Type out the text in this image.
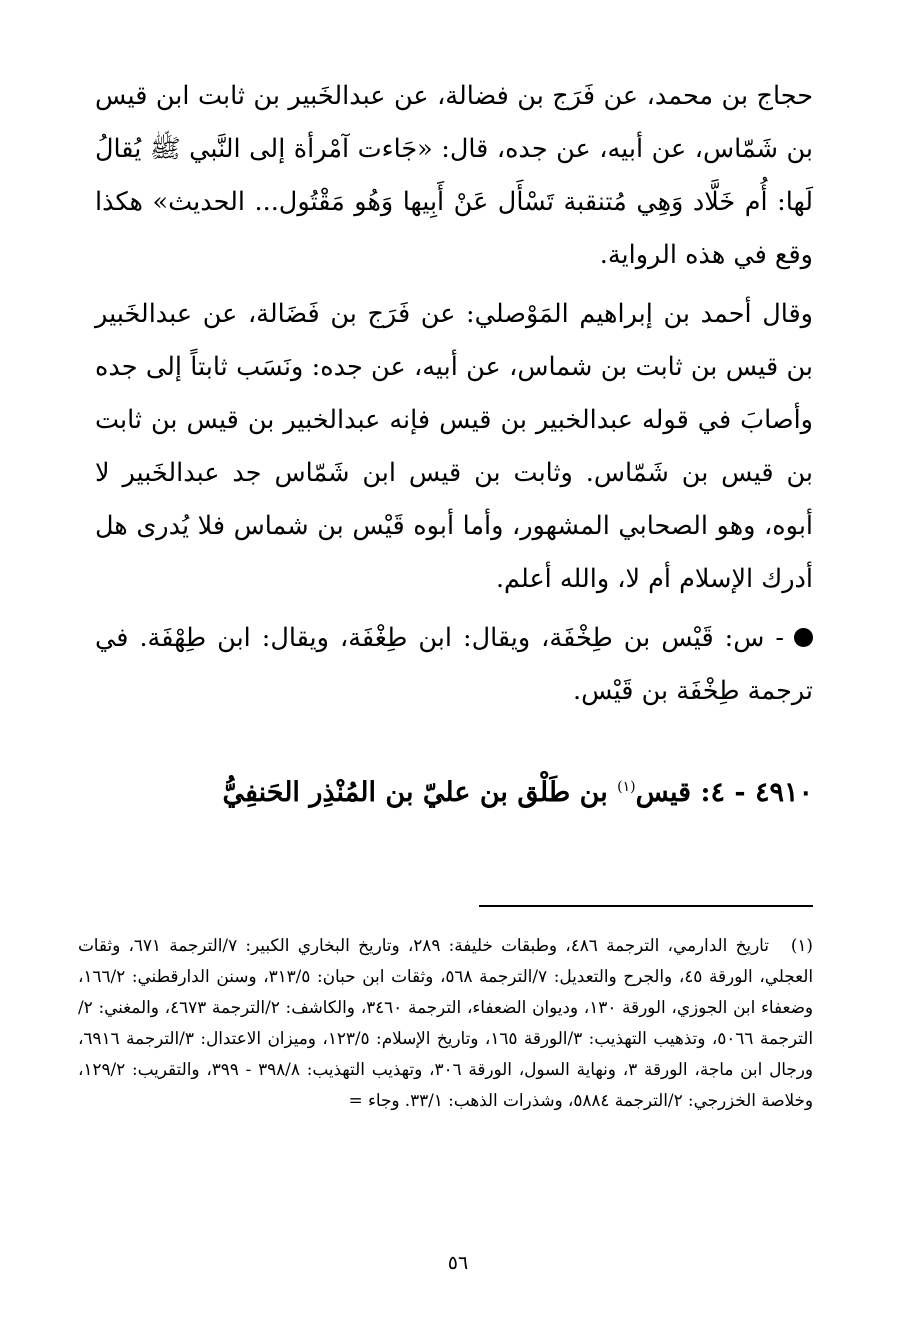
حجاج بن محمد، عن فَرَج بن فضالة، عن عبدالخَبير بن ثابت ابن قيس بن شَمّاس، عن أبيه، عن جده، قال: «جَاءت آمْرأة إلى النَّبي ﷺ يُقالُ لَها: أُم خَلَّاد وَهِي مُتنقبة تَسْأَل عَنْ أَبِيها وَهُو مَقْتُول... الحديث» هكذا وقع في هذه الرواية.

وقال أحمد بن إبراهيم المَوْصلي: عن فَرَج بن فَضَالة، عن عبدالخَبير بن قيس بن ثابت بن شماس، عن أبيه، عن جده: ونَسَب ثابتاً إلى جده وأصابَ في قوله عبدالخبير بن قيس فإنه عبدالخبير بن قيس بن ثابت بن قيس بن شَمّاس. وثابت بن قيس ابن شَمّاس جد عبدالخَبير لا أبوه، وهو الصحابي المشهور، وأما أبوه قَيْس بن شماس فلا يُدرى هل أدرك الإسلام أم لا، والله أعلم.

- س: قَيْس بن طِخْفَة، ويقال: ابن طِغْفَة، ويقال: ابن طِهْفَة. في ترجمة طِخْفَة بن قَيْس.

٤٩١٠ - ٤: قيس$^{(١)}$ بن طَلْق بن عليّ بن المُنْذِر الحَنفِيُّ
(١)تاريخ الدارمي، الترجمة ٤٨٦، وطبقات خليفة: ٢٨٩، وتاريخ البخاري الكبير: ٧/الترجمة ٦٧١، وثقات العجلي، الورقة ٤٥، والجرح والتعديل: ٧/الترجمة ٥٦٨، وثقات ابن حبان: ٣١٣/٥، وسنن الدارقطني: ١٦٦/٢، وضعفاء ابن الجوزي، الورقة ١٣٠، وديوان الضعفاء، الترجمة ٣٤٦٠، والكاشف: ٢/الترجمة ٤٦٧٣، والمغني: ٢/الترجمة ٥٠٦٦، وتذهيب التهذيب: ٣/الورقة ١٦٥، وتاريخ الإسلام: ١٢٣/٥، وميزان الاعتدال: ٣/الترجمة ٦٩١٦، ورجال ابن ماجة، الورقة ٣، ونهاية السول، الورقة ٣٠٦، وتهذيب التهذيب: ٣٩٨/٨ - ٣٩٩، والتقريب: ١٢٩/٢، وخلاصة الخزرجي: ٢/الترجمة ٥٨٨٤، وشذرات الذهب: ٣٣/١. وجاء =
٥٦
